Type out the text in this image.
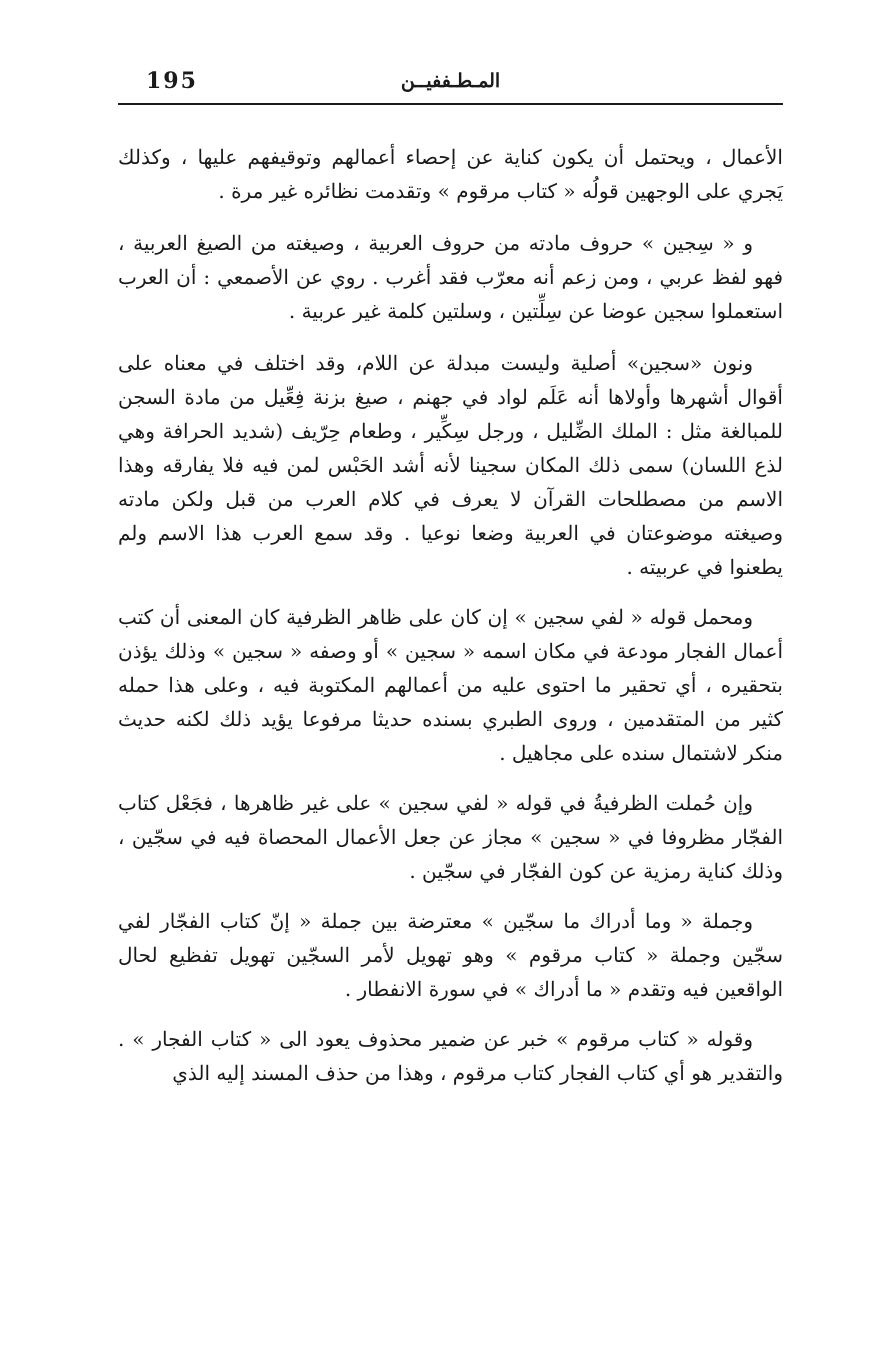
195	المـطـففيــن

الأعمال ، ويحتمل أن يكون كناية عن إحصاء أعمالهم وتوقيفهم عليها ، وكذلك يَجري على الوجهين قولُه « كتاب مرقوم » وتقدمت نظائره غير مرة .

و « سِجين » حروف مادته من حروف العربية ، وصيغته من الصيغ العربية ، فهو لفظ عربي ، ومن زعم أنه معرّب فقد أغرب . روي عن الأصمعي : أن العرب استعملوا سجين عوضا عن سِلِّتين ، وسلتين كلمة غير عربية .

ونون «سجين» أصلية وليست مبدلة عن اللام، وقد اختلف في معناه على أقوال أشهرها وأولاها أنه عَلَم لواد في جهنم ، صيغ بزنة فِعِّيل من مادة السجن للمبالغة مثل : الملك الضِّليل ، ورجل سِكِّير ، وطعام حِرّيف (شديد الحرافة وهي لذع اللسان) سمى ذلك المكان سجينا لأنه أشد الحَبْس لمن فيه فلا يفارقه وهذا الاسم من مصطلحات القرآن لا يعرف في كلام العرب من قبل ولكن مادته وصيغته موضوعتان في العربية وضعا نوعيا . وقد سمع العرب هذا الاسم ولم يطعنوا في عربيته .

ومحمل قوله « لفي سجين » إن كان على ظاهر الظرفية كان المعنى أن كتب أعمال الفجار مودعة في مكان اسمه « سجين » أو وصفه « سجين » وذلك يؤذن بتحقيره ، أي تحقير ما احتوى عليه من أعمالهم المكتوبة فيه ، وعلى هذا حمله كثير من المتقدمين ، وروى الطبري بسنده حديثا مرفوعا يؤيد ذلك لكنه حديث منكر لاشتمال سنده على مجاهيل .

وإن حُملت الظرفيةُ في قوله « لفي سجين » على غير ظاهرها ، فجَعْل كتاب الفجّار مظروفا في « سجين » مجاز عن جعل الأعمال المحصاة فيه في سجّين ، وذلك كناية رمزية عن كون الفجّار في سجّين .

وجملة « وما أدراك ما سجّين » معترضة بين جملة « إنّ كتاب الفجّار لفي سجّين وجملة « كتاب مرقوم » وهو تهويل لأمر السجّين تهويل تفظيع لحال الواقعين فيه وتقدم « ما أدراك » في سورة الانفطار .

وقوله « كتاب مرقوم » خبر عن ضمير محذوف يعود الى « كتاب الفجار » . والتقدير هو أي كتاب الفجار كتاب مرقوم ، وهذا من حذف المسند إليه الذي
